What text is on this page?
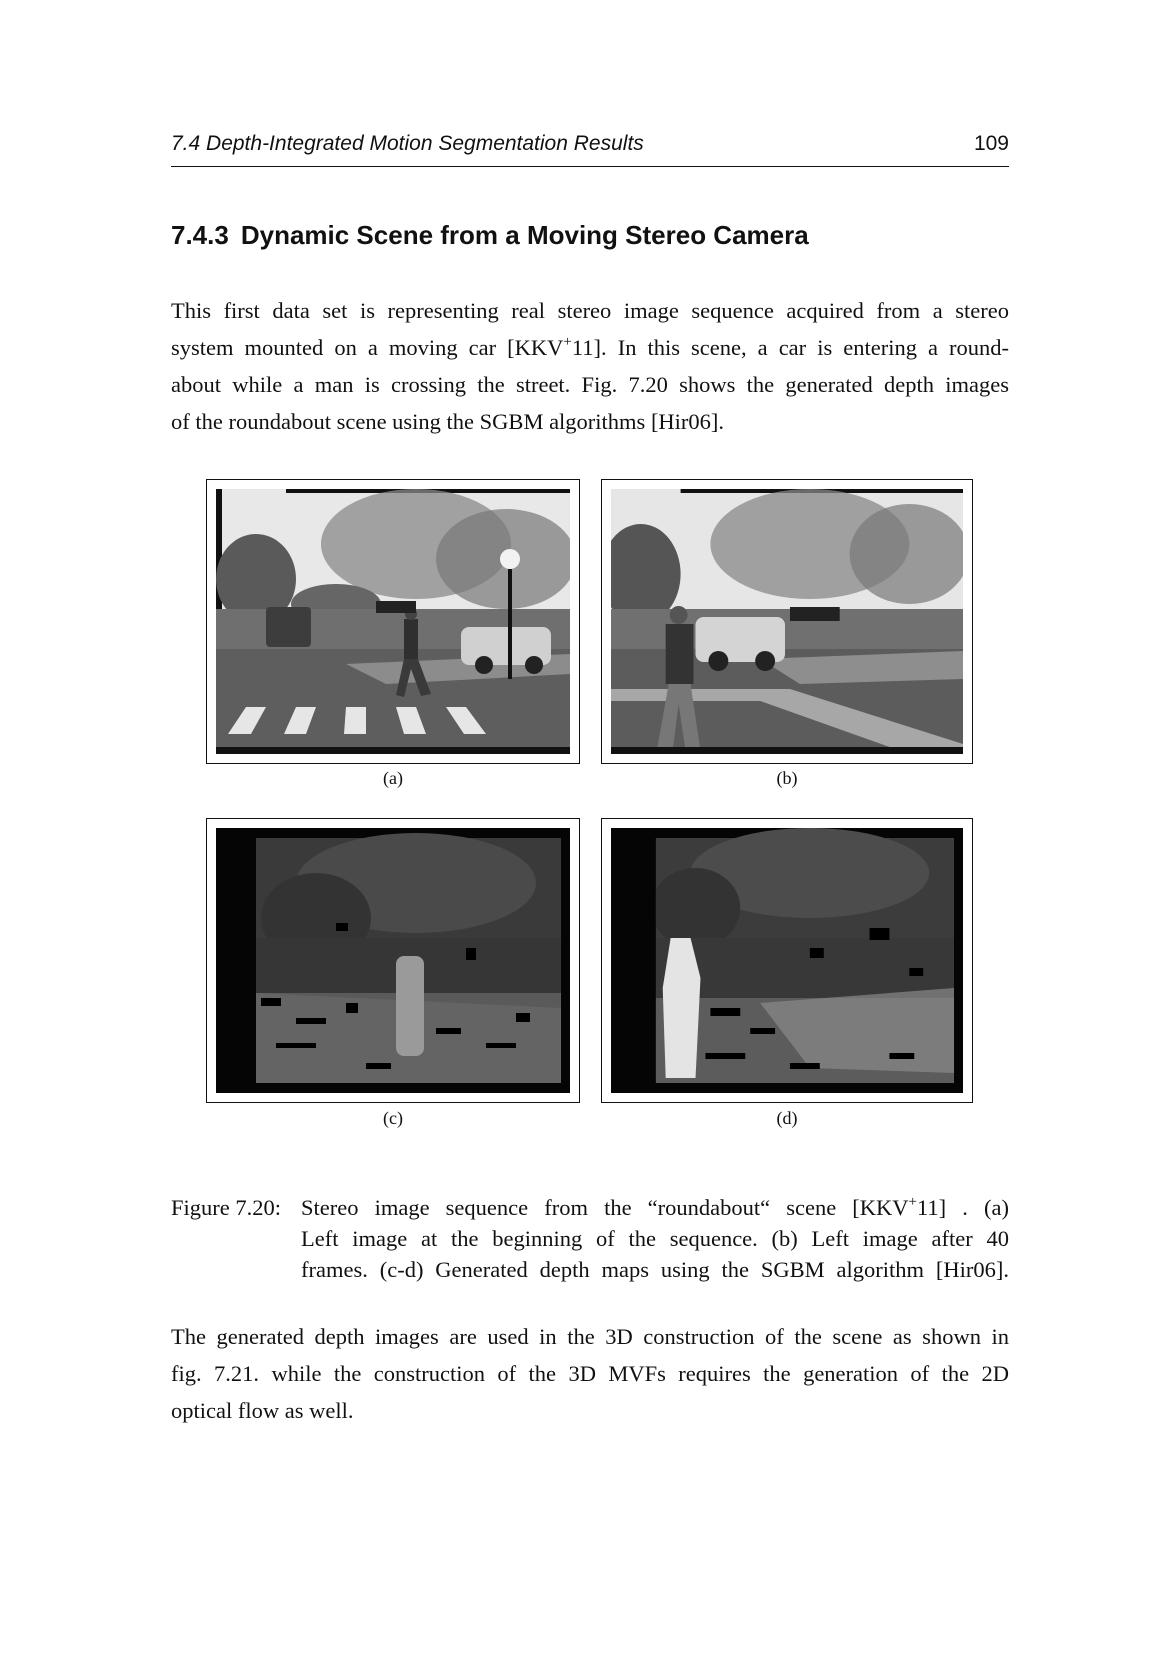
7.4 Depth-Integrated Motion Segmentation Results	109
7.4.3 Dynamic Scene from a Moving Stereo Camera
This first data set is representing real stereo image sequence acquired from a stereo
system mounted on a moving car [KKV+11]. In this scene, a car is entering a round-
about while a man is crossing the street. Fig. 7.20 shows the generated depth images
of the roundabout scene using the SGBM algorithms [Hir06].
(a)	(b)
(c)	(d)
Figure 7.20: Stereo image sequence from the “roundabout“ scene [KKV+11] . (a)
Left image at the beginning of the sequence. (b) Left image after 40
frames. (c-d) Generated depth maps using the SGBM algorithm [Hir06].
The generated depth images are used in the 3D construction of the scene as shown in
fig. 7.21. while the construction of the 3D MVFs requires the generation of the 2D
optical flow as well.
